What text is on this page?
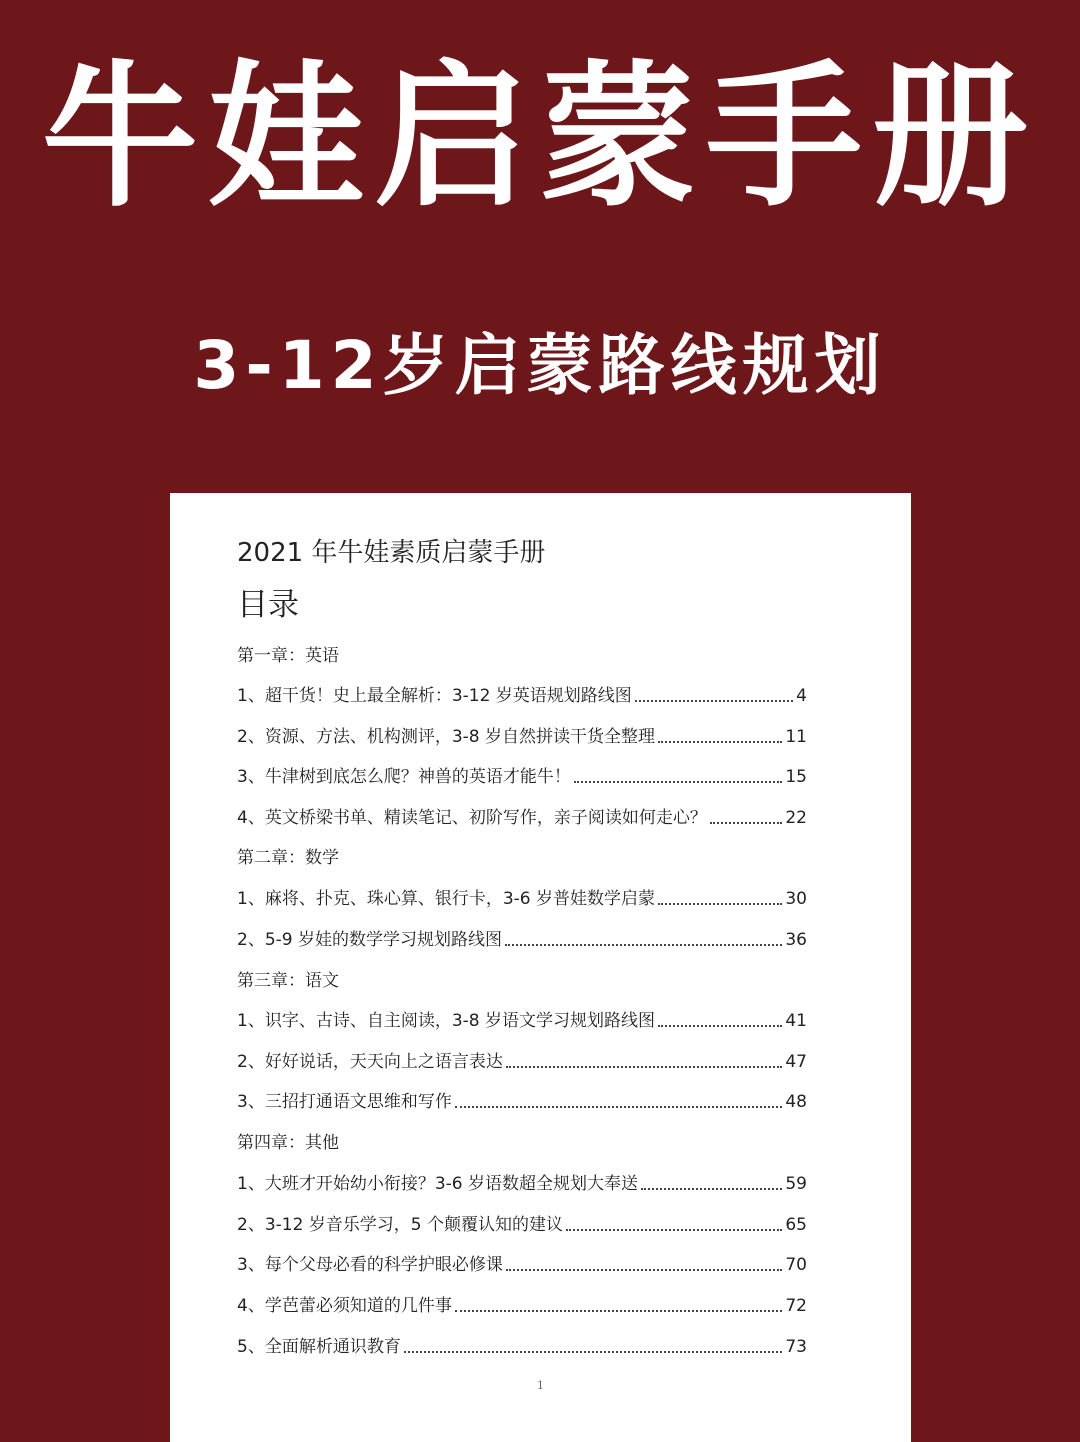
牛娃启蒙手册
3-12岁启蒙路线规划
2021 年牛娃素质启蒙手册
目录
第一章：英语
1、超干货！史上最全解析：3-12 岁英语规划路线图	4
2、资源、方法、机构测评，3-8 岁自然拼读干货全整理	11
3、牛津树到底怎么爬？神兽的英语才能牛！	15
4、英文桥梁书单、精读笔记、初阶写作，亲子阅读如何走心？	22
第二章：数学
1、麻将、扑克、珠心算、银行卡，3-6 岁普娃数学启蒙	30
2、5-9 岁娃的数学学习规划路线图	36
第三章：语文
1、识字、古诗、自主阅读，3-8 岁语文学习规划路线图	41
2、好好说话，天天向上之语言表达	47
3、三招打通语文思维和写作	48
第四章：其他
1、大班才开始幼小衔接？3-6 岁语数超全规划大奉送	59
2、3-12 岁音乐学习，5 个颠覆认知的建议	65
3、每个父母必看的科学护眼必修课	70
4、学芭蕾必须知道的几件事	72
5、全面解析通识教育	73
1
